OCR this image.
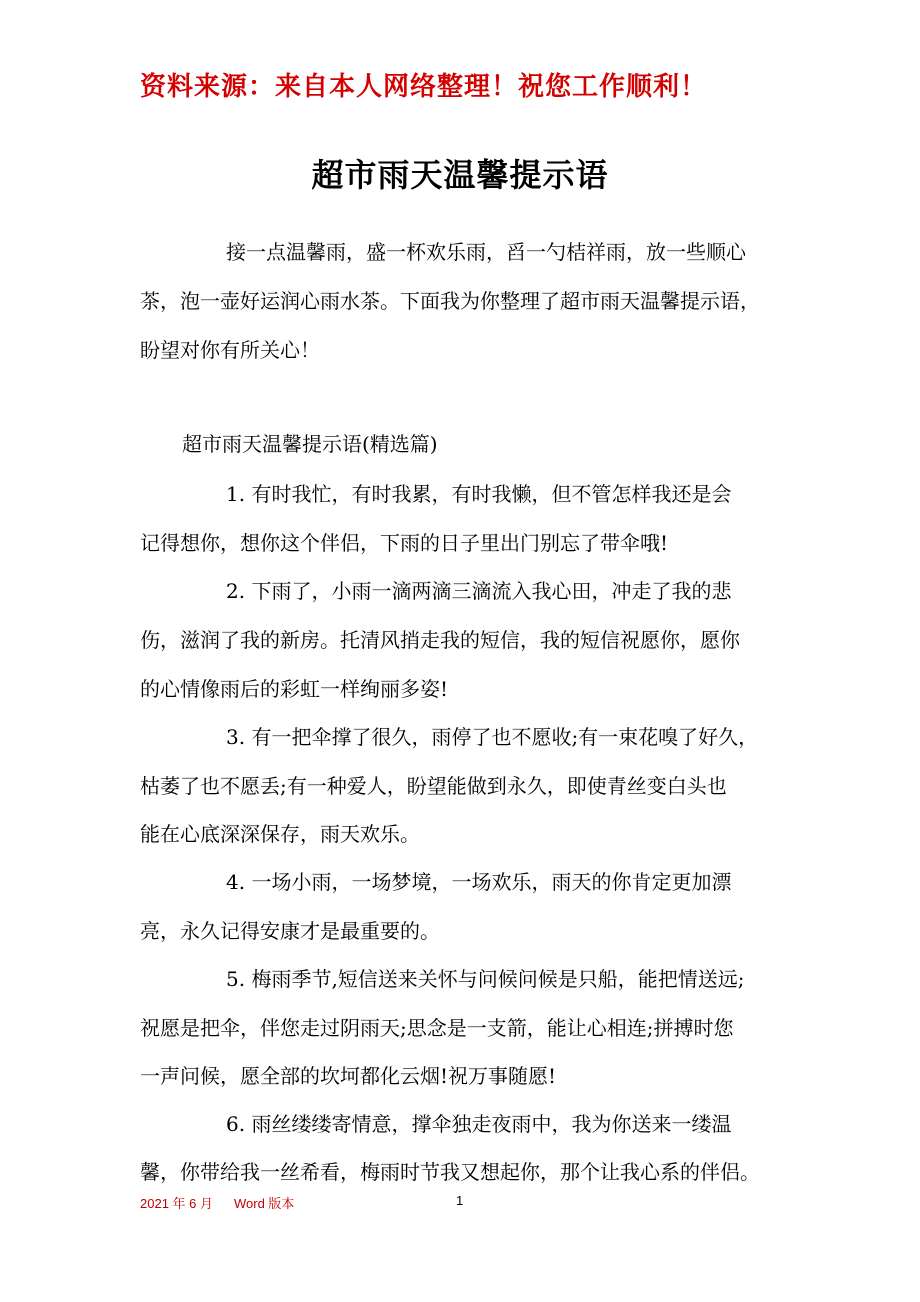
资料来源：来自本人网络整理！祝您工作顺利！
超市雨天温馨提示语
接一点温馨雨，盛一杯欢乐雨，舀一勺桔祥雨，放一些顺心
茶，泡一壶好运润心雨水茶。下面我为你整理了超市雨天温馨提示语，
盼望对你有所关心！
超市雨天温馨提示语(精选篇)
1. 有时我忙，有时我累，有时我懒，但不管怎样我还是会
记得想你，想你这个伴侣，下雨的日子里出门别忘了带伞哦!
2. 下雨了，小雨一滴两滴三滴流入我心田，冲走了我的悲
伤，滋润了我的新房。托清风捎走我的短信，我的短信祝愿你，愿你
的心情像雨后的彩虹一样绚丽多姿!
3. 有一把伞撑了很久，雨停了也不愿收;有一束花嗅了好久，
枯萎了也不愿丢;有一种爱人，盼望能做到永久，即使青丝变白头也
能在心底深深保存，雨天欢乐。
4. 一场小雨，一场梦境，一场欢乐，雨天的你肯定更加漂
亮，永久记得安康才是最重要的。
5. 梅雨季节,短信送来关怀与问候问候是只船，能把情送远;
祝愿是把伞，伴您走过阴雨天;思念是一支箭，能让心相连;拼搏时您
一声问候，愿全部的坎坷都化云烟!祝万事随愿!
6. 雨丝缕缕寄情意，撑伞独走夜雨中，我为你送来一缕温
馨，你带给我一丝希看，梅雨时节我又想起你，那个让我心系的伴侣。
2021 年 6 月 Word 版本	1
